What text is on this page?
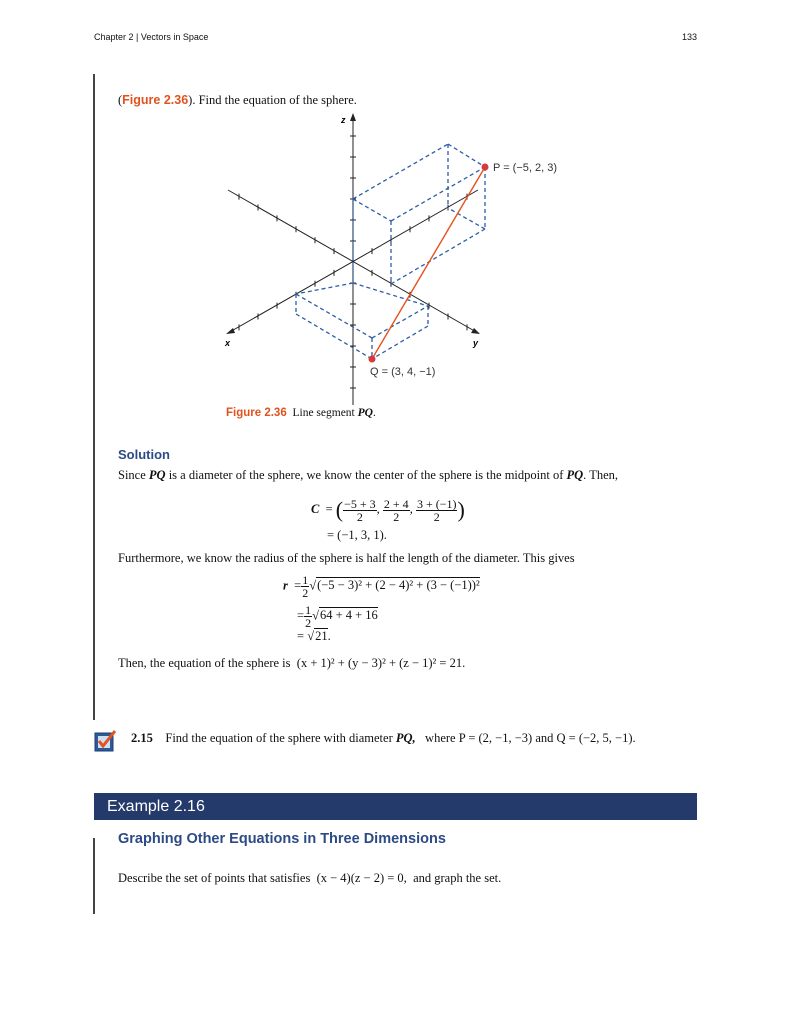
Chapter 2 | Vectors in Space	133
(Figure 2.36). Find the equation of the sphere.
z
x	y
P = (−5, 2, 3)
Q = (3, 4, −1)
Figure 2.36 Line segment PQ.
Solution
Since PQ is a diameter of the sphere, we know the center of the sphere is the midpoint of PQ. Then,
C = ( $\frac{-5 + 3}{2}$ , $\frac{2 + 4}{2}$ , $\frac{3 + (-1)}{2}$ )
= (−1, 3, 1).
Furthermore, we know the radius of the sphere is half the length of the diameter. This gives
$r = \frac{1}{2} √(-5 - 3)^2 + (2 - 4)^2 + (3 - (-1))^2$
= $\frac{1}{2} √64 + 4 + 16$
= √21.
Then, the equation of the sphere is (x + 1)² + (y − 3)² + (z − 1)² = 21.
2.15 Find the equation of the sphere with diameter PQ, where P = (2, −1, −3) and Q = (−2, 5, −1).
Example 2.16
Graphing Other Equations in Three Dimensions
Describe the set of points that satisfies (x − 4)(z − 2) = 0, and graph the set.
